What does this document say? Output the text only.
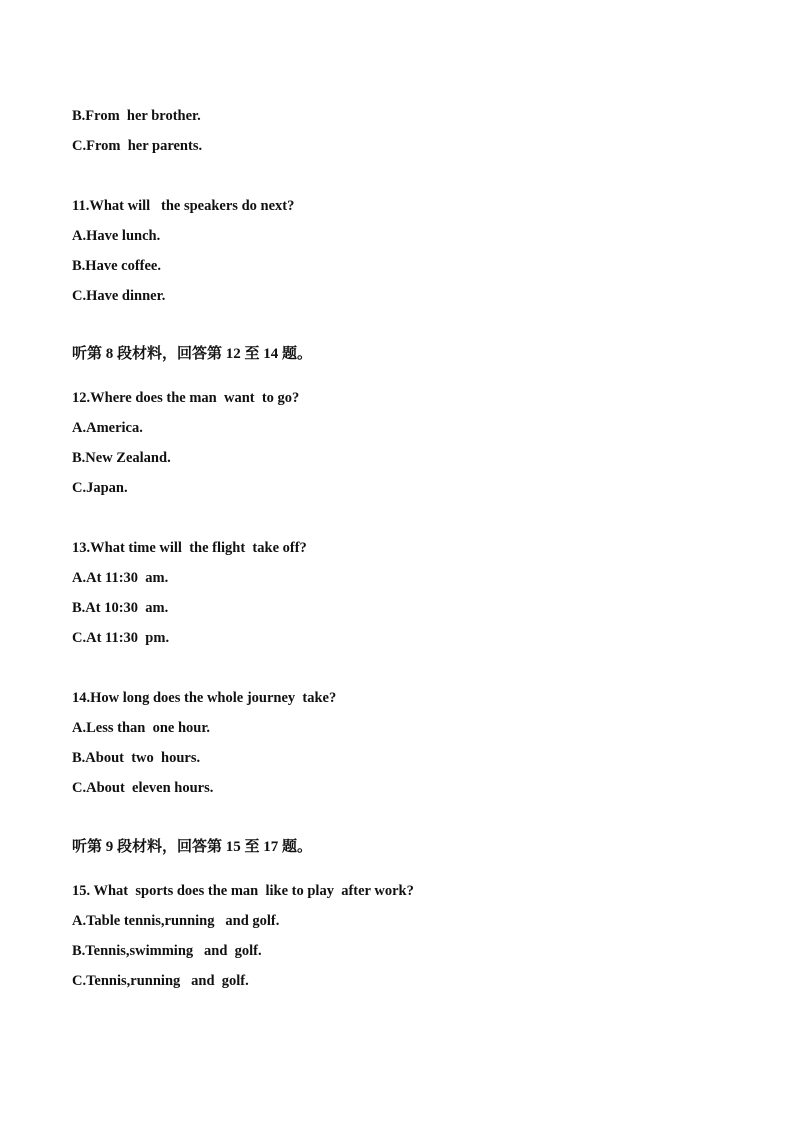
B.From  her brother.
C.From  her parents.
11.What will   the speakers do next?
A.Have lunch.
B.Have coffee.
C.Have dinner.
听第 8 段材料，回答第 12 至 14 题。
12.Where does the man  want  to go?
A.America.
B.New Zealand.
C.Japan.
13.What time will  the flight  take off?
A.At 11:30  am.
B.At 10:30  am.
C.At 11:30  pm.
14.How long does the whole journey  take?
A.Less than  one hour.
B.About  two  hours.
C.About  eleven hours.
听第 9 段材料，回答第 15 至 17 题。
15. What  sports does the man  like to play  after work?
A.Table tennis,running   and golf.
B.Tennis,swimming   and  golf.
C.Tennis,running   and  golf.
